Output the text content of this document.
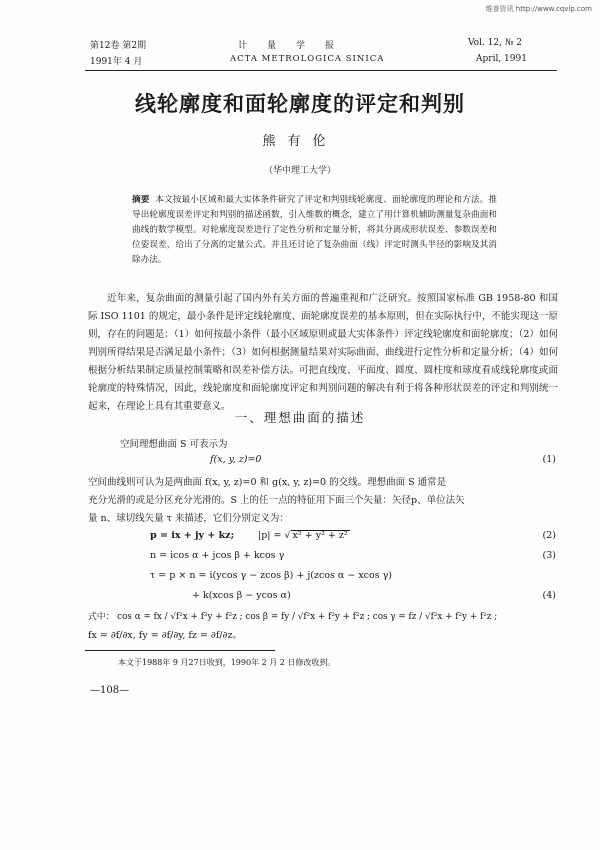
维普资讯 http://www.cqvip.com
第12卷 第2期
1991年 4 月
计量学报
ACTA METROLOGICA SINICA
Vol. 12, № 2
April, 1991
线轮廓度和面轮廓度的评定和判别
熊有伦
（华中理工大学）
摘要 本文按最小区域和最大实体条件研究了评定和判别线轮廓度、面轮廓度的理论和方法。推导出轮廓度误差评定和判别的描述函数，引入维数的概念，建立了用计算机辅助测量复杂曲面和曲线的数学模型。对轮廓度误差进行了定性分析和定量分析，将其分离成形状误差、参数误差和位姿误差，给出了分离的定量公式。并且还讨论了复杂曲面（线）评定时测头半径的影响及其消除办法。
近年来，复杂曲面的测量引起了国内外有关方面的普遍重视和广泛研究。按照国家标准 GB 1958-80 和国际 ISO 1101 的规定，最小条件是评定线轮廓度、面轮廓度误差的基本原则，但在实际执行中，不能实现这一原则，存在的问题是：（1）如何按最小条件（最小区域原则或最大实体条件）评定线轮廓度和面轮廓度；（2）如何判别所得结果是否满足最小条件；（3）如何根据测量结果对实际曲面、曲线进行定性分析和定量分析；（4）如何根据分析结果制定质量控制策略和误差补偿方法。可把直线度、平面度、圆度、圆柱度和球度看成线轮廓度或面轮廓度的特殊情况，因此，线轮廓度和面轮廓度评定和判别问题的解决有利于将各种形状误差的评定和判别统一起来，在理论上具有其重要意义。
一、理想曲面的描述
空间理想曲面 S 可表示为
f(x, y, z)=0	(1)
空间曲线则可认为是两曲面 f(x, y, z)=0 和 g(x, y, z)=0 的交线。理想曲面 S 通常是
充分光滑的或是分区充分光滑的。S 上的任一点的特征用下面三个矢量：矢径p、单位法矢
量 n、球切线矢量 τ 来描述，它们分别定义为：
p = ix + jy + kz;	|p| = √ x² + y² + z²	(2)
n = icos α + jcos β + kcos γ	(3)
τ = p × n = i(ycos γ − zcos β) + j(zcos α − xcos γ)
+ k(xcos β − ycos α)	(4)
式中： cos α = fx / √f²x + f²y + f²z ; cos β = fy / √f²x + f²y + f²z ; cos γ = fz / √f²x + f²y + f²z ;
fx = ∂f/∂x, fy = ∂f/∂y, fz = ∂f/∂z。
本文于1988年 9 月27日收到，1990年 2 月 2 日修改收到。
—108—
